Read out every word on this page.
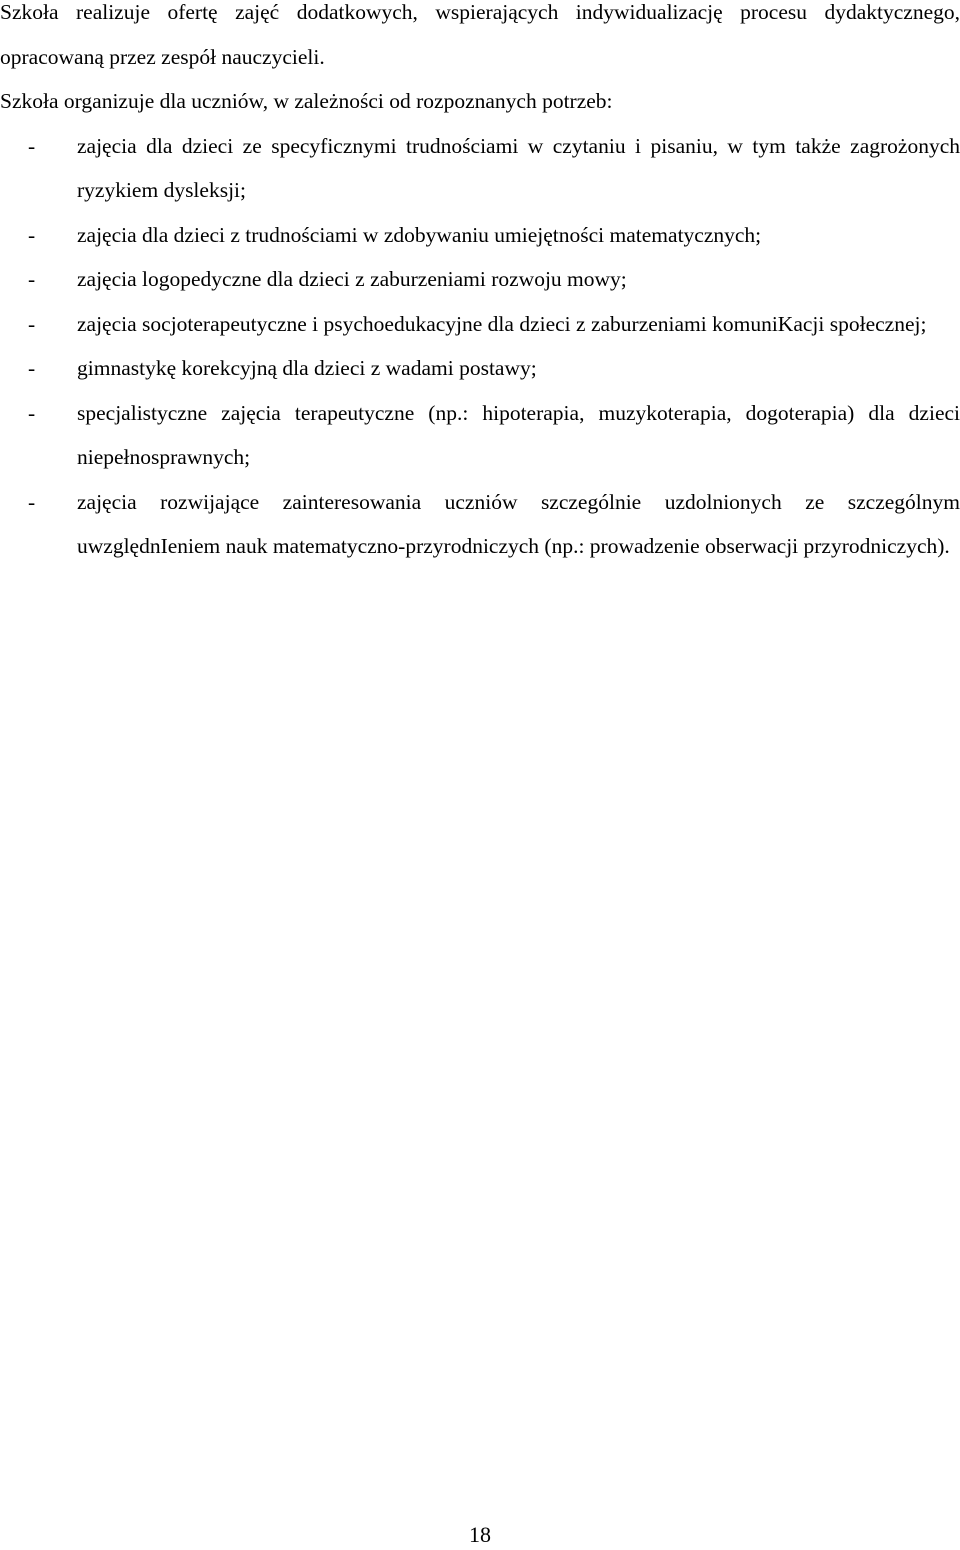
Szkoła realizuje ofertę zajęć dodatkowych, wspierających indywidualizację procesu dydaktycznego, opracowaną przez zespół nauczycieli.

Szkoła organizuje dla uczniów, w zależności od rozpoznanych potrzeb:

- zajęcia dla dzieci ze specyficznymi trudnościami w czytaniu i pisaniu, w tym także zagrożonych ryzykiem dysleksji;
- zajęcia dla dzieci z trudnościami w zdobywaniu umiejętności matematycznych;
- zajęcia logopedyczne dla dzieci z zaburzeniami rozwoju mowy;
- zajęcia socjoterapeutyczne i psychoedukacyjne dla dzieci z zaburzeniami komuniKacji społecznej;
- gimnastykę korekcyjną dla dzieci z wadami postawy;
- specjalistyczne zajęcia terapeutyczne (np.: hipoterapia, muzykoterapia, dogoterapia) dla dzieci niepełnosprawnych;
- zajęcia rozwijające zainteresowania uczniów szczególnie uzdolnionych ze szczególnym uwzględnIeniem nauk matematyczno-przyrodniczych (np.: prowadzenie obserwacji przyrodniczych).
18
